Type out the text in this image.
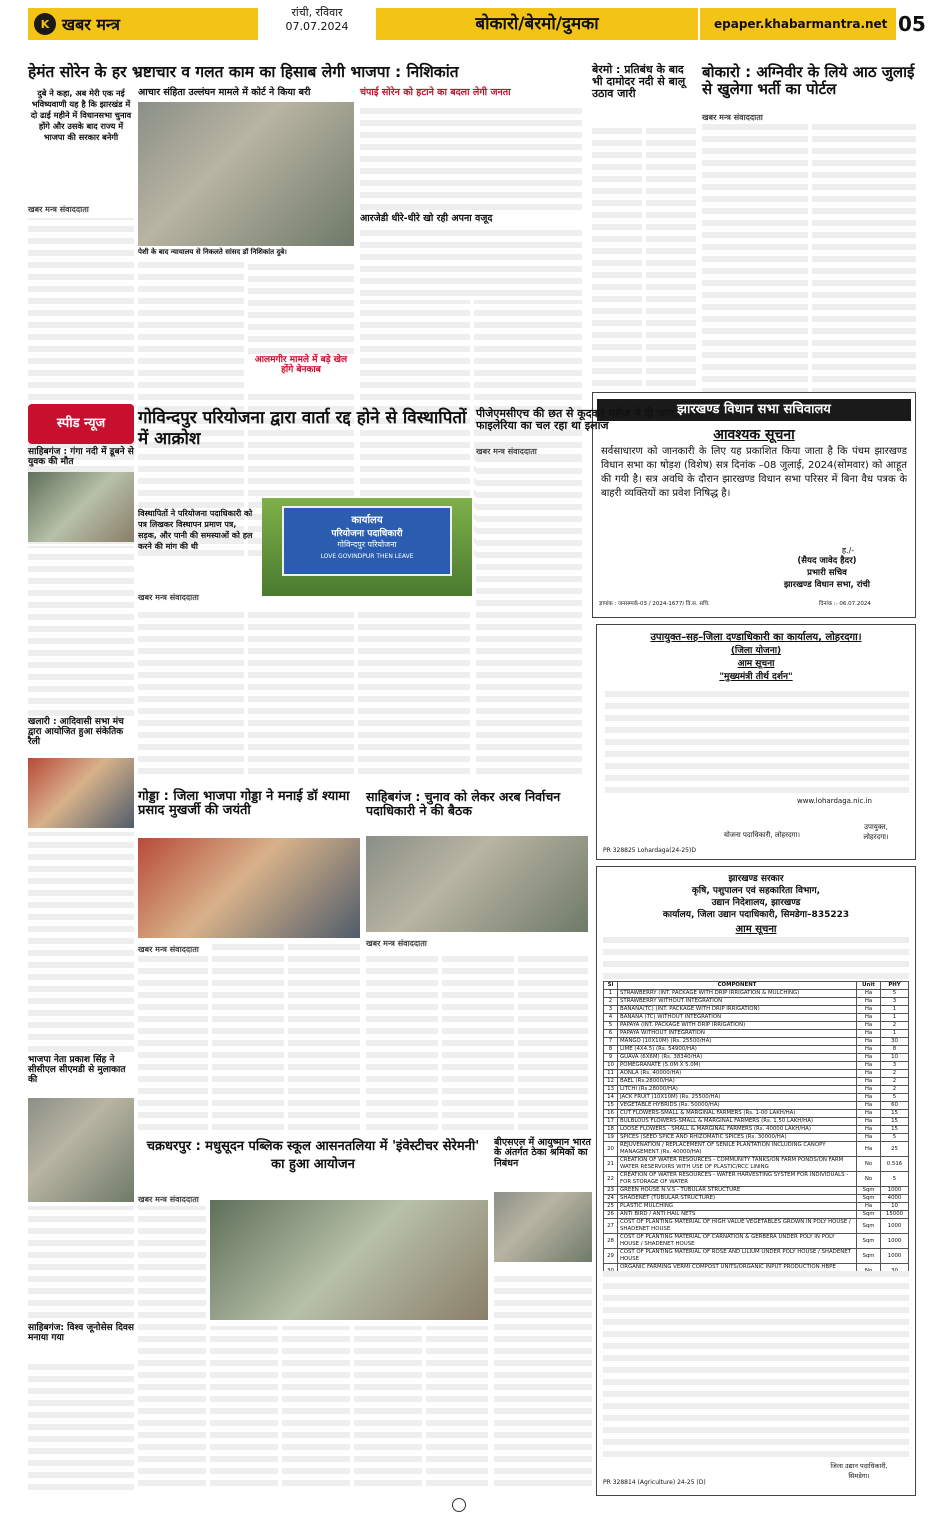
K खबर मन्त्र
रांची, रविवार
07.07.2024	बोकारो/बेरमो/दुमका	epaper.khabarmantra.net 05
हेमंत सोरेन के हर भ्रष्टाचार व गलत काम का हिसाब लेगी भाजपा : निशिकांत
दुबे ने कहा, अब मेरी एक नई भविष्यवाणी यह है कि झारखंड में दो ढाई महीने में विधानसभा चुनाव होंगे और उसके बाद राज्य में भाजपा की सरकार बनेगी
खबर मन्त्र संवाददाता
आचार संहिता उल्लंघन मामले में कोर्ट ने किया बरी
पेशी के बाद न्यायालय से निकलते सांसद डॉ निशिकांत दुबे।
आलमगीर मामले में बड़े खेल होंगे बेनकाब
चंपाई सोरेन को हटाने का बदला लेगी जनता
आरजेडी धीरे-धीरे खो रही अपना वजूद
बेरमो : प्रतिबंध के बाद भी दामोदर नदी से बालू उठाव जारी
बोकारो : अग्निवीर के लिये आठ जुलाई से खुलेगा भर्ती का पोर्टल
खबर मन्त्र संवाददाता
झारखण्ड विधान सभा सचिवालय
आवश्यक सूचना
सर्वसाधारण को जानकारी के लिए यह प्रकाशित किया जाता है कि पंचम झारखण्ड विधान सभा का षोड़श (विशेष) सत्र दिनांक –08 जुलाई, 2024(सोमवार) को आहूत की गयी है। सत्र अवधि के दौरान झारखण्ड विधान सभा परिसर में बिना वैध पत्रक के बाहरी व्यक्तियों का प्रवेश निषिद्ध है।
ह./-
(सैयद जावेद हैदर)
प्रभारी सचिव
झारखण्ड विधान सभा, रांची
ज्ञापांक : जनसम्पर्क-03 / 2024-1677/ वि.स. सचि.	दिनांक :- 06.07.2024
स्पीड न्यूज
साहिबगंज : गंगा नदी में डूबने से युवक की मौत
खलारी : आदिवासी सभा मंच द्वारा आयोजित हुआ संकेतिक रैली
भाजपा नेता प्रकाश सिंह ने सीसीएल सीएमडी से मुलाकात की
साहिबगंज: विश्व जूनोसेस दिवस मनाया गया
गोविन्दपुर परियोजना द्वारा वार्ता रद्द होने से विस्थापितों में आक्रोश
विस्थापितों ने परियोजना पदाधिकारी को पत्र लिखकर विस्थापन प्रमाण पत्र, सड़क, और पानी की समस्याओं को हल करने की मांग की थी
खबर मन्त्र संवाददाता
कार्यालय
परियोजना पदाधिकारी
गोविन्दपुर परियोजना
LOVE GOVINDPUR THEN LEAVE
पीजेएमसीएच की छत से कूदकर मरीज ने दी जान, फाइलेरिया का चल रहा था इलाज
खबर मन्त्र संवाददाता
गोड्डा : जिला भाजपा गोड्डा ने मनाई डॉ श्यामा प्रसाद मुखर्जी की जयंती
खबर मन्त्र संवाददाता
साहिबगंज : चुनाव को लेकर अरब निर्वाचन पदाधिकारी ने की बैठक
खबर मन्त्र संवाददाता
चक्रधरपुर : मधुसूदन पब्लिक स्कूल आसनतलिया में 'इंवेस्टीचर सेरेमनी' का हुआ आयोजन
खबर मन्त्र संवाददाता
बीएसएल में आयुष्मान भारत के अंतर्गत ठेका श्रमिकों का निबंधन
उपायुक्त–सह–जिला दण्डाधिकारी का कार्यालय, लोहरदगा।
(जिला योजना)
आम सूचना
"मुख्यमंत्री तीर्थ दर्शन"
www.lohardaga.nic.in
उपायुक्त,
लोहरदगा।
योजना पदाधिकारी, लोहरदगा।
PR 328825 Lohardaga(24-25)D
झारखण्ड सरकार
कृषि, पशुपालन एवं सहकारिता विभाग,
उद्यान निदेशालय, झारखण्ड
कार्यालय, जिला उद्यान पदाधिकारी, सिमडेगा–835223
आम सूचना
Sl	COMPONENT	Unit	PHY
1	STRAWBERRY (INT. PACKAGE WITH DRIP IRRIGATION & MULCHING)	Ha	5
2	STRAWBERRY WITHOUT INTEGRATION	Ha	3
3	BANANA(TC) (INT. PACKAGE WITH DRIP IRRIGATION)	Ha	1
4	BANANA (TC) WITHOUT INTEGRATION	Ha	1
5	PAPAYA (INT. PACKAGE WITH DRIP IRRIGATION)	Ha	2
6	PAPAYA WITHOUT INTEGRATION	Ha	1
7	MANGO (10X10M) (Rs. 25500/HA)	Ha	30
8	LIME (4X4.5) (Rs. 54900/HA)	Ha	8
9	GUAVA (6X6M) (Rs. 38340/HA)	Ha	10
10	POMEGRANATE (5.0M X 5.0M)	Ha	3
11	AONLA (Rs. 40000/HA)	Ha	2
12	BAEL (Rs.28000/HA)	Ha	2
13	LITCHI (Rs.28000/HA)	Ha	2
14	JACK FRUIT (10X10M) (Rs. 25500/HA)	Ha	5
15	VEGETABLE HYBRIDS (Rs. 50000/HA)	Ha	60
16	CUT FLOWERS-SMALL & MARGINAL FARMERS (Rs. 1-00 LAKH/HA)	Ha	15
17	BULBLOUS FLOWERS-SMALL & MARGINAL FARMERS (Rs. 1.50 LAKH/HA)	Ha	15
18	LOOSE FLOWERS - SMALL & MARGINAL FARMERS (Rs. 40000 LAKH/HA)	Ha	15
19	SPICES (SEED SPICE AND RHIZOMATIC SPICES (Rs. 30000/HA)	Ha	5
20	REJUVENATION / REPLACEMENT OF SENILE PLANTATION INCLUDING CANOPY MANAGEMENT (Rs. 40000/HA)	Ha	25
21	CREATION OF WATER RESOURCES - COMMUNITY TANKS/ON FARM PONDS/ON FARM WATER RESERVOIRS WITH USE OF PLASTIC/RCC LINING	No	0.516
22	CREATION OF WATER RESOURCES - WATER HARVESTING SYSTEM FOR INDIVIDUALS - FOR STORAGE OF WATER	No	5
23	GREEN HOUSE N.V.S - TUBULAR STRUCTURE	Sqm	1000
24	SHADENET (TUBULAR STRUCTURE)	Sqm	4000
25	PLASTIC MULCHING	Ha	10
26	ANTI BIRD / ANTI HAIL NETS	Sqm	15000
27	COST OF PLANTING MATERIAL OF HIGH VALUE VEGETABLES GROWN IN POLY HOUSE / SHADENET HOUSE	Sqm	1000
28	COST OF PLANTING MATERIAL OF CARNATION & GERBERA UNDER POLY IN POLY HOUSE / SHADENET HOUSE	Sqm	1000
29	COST OF PLANTING MATERIAL OF ROSE AND LILIUM UNDER POLY HOUSE / SHADENET HOUSE	Sqm	1000
	ORGANIC FARMING VERMI COMPOST UNITS/ORGANIC INPUT PRODUCTION HBPE		

जिला उद्यान पदाधिकारी,
सिमडेगा।
PR 328814 (Agriculture) 24-25 (D)
